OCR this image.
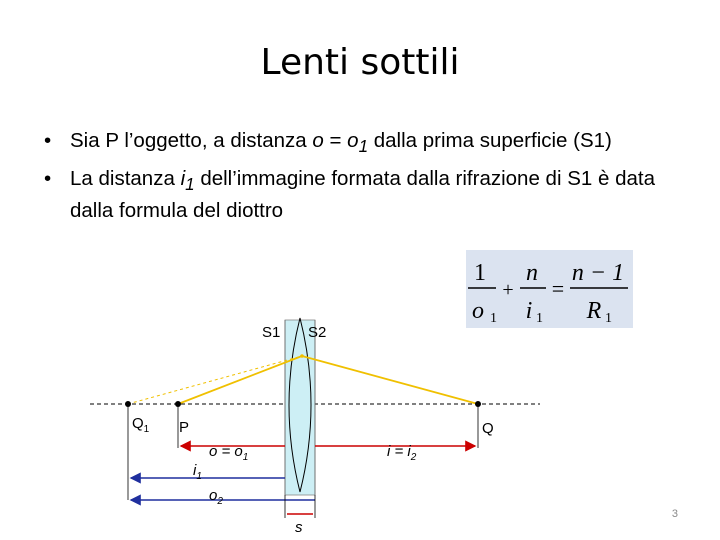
Lenti sottili
• Sia P l’oggetto, a distanza $o = o_1$ dalla prima superficie (S1)
• La distanza $i_1$ dell’immagine formata dalla rifrazione di S1 è data dalla formula del diottro
1
o 1
+
n
i 1
=
n − 1
R 1
S1 S2
$Q_1$ P	Q
$o = o_1$	$i = i_2$
$i_1$
$o_2$
s
3
